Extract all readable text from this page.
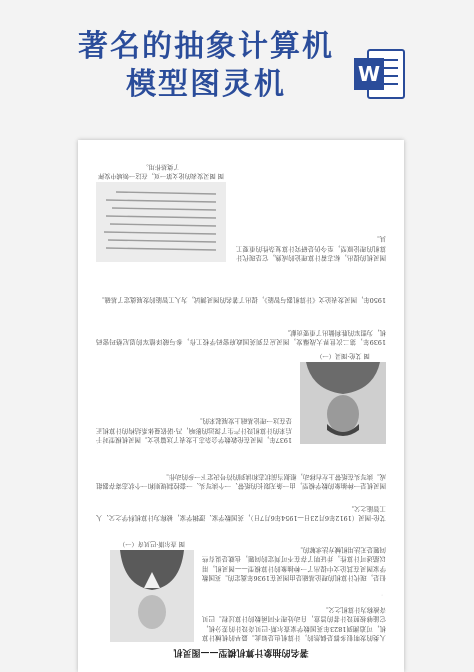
著名的抽象计算机
模型图灵机	W
·
著名的抽象计算机模型——图灵机
图 查尔斯·巴贝奇（一）

人类的发明很多都是偶然的，计算机也是如此。最早的机械计算机，可追溯到1823年英国数学家查尔斯·巴贝奇设计的差分机，它能够按照设计者的旨意，自动处理不同函数的计算过程。巴贝奇被称为计算机之父。

但是，现代计算机的理论基础是由图灵在1936年奠定的。英国数学家图灵在其论文中提出了一种抽象的计算模型——图灵机，用以描述可计算性，并证明了存在不可判定的问题，也就是说有些问题是无法用机械方法求解的。

艾伦·图灵（1912年6月23日—1954年6月7日），英国数学家、逻辑学家，被称为计算机科学之父、人工智能之父。

图灵机是一种抽象的数学模型，由一条无限长的纸带、一个读写头、一套控制规则和一个状态寄存器组成。读写头在纸带上左右移动，根据当前状态和读到的符号决定下一步的动作。

图 艾伦·图灵（一）

1937年，图灵在伦敦数学会杂志上发表了这篇论文。图灵机模型对于后来的计算机设计产生了深远的影响，冯·诺依曼体系结构的计算机正是在这一理论基础上发展起来的。

1939年，第二次世界大战爆发，图灵应召到英国政府密码学校工作，参与破译德军的恩尼格玛密码机，为盟军的胜利做出了重要贡献。

1950年，图灵发表论文《计算机器与智能》，提出了著名的图灵测试，为人工智能的发展奠定了基础。

图 图灵发表的论文第一页，在这一领域中发挥了奠基作用。

图灵机的提出，标志着计算理论的成熟，它是现代计算机的理论原型，至今仍是研究计算复杂性的重要工具。
